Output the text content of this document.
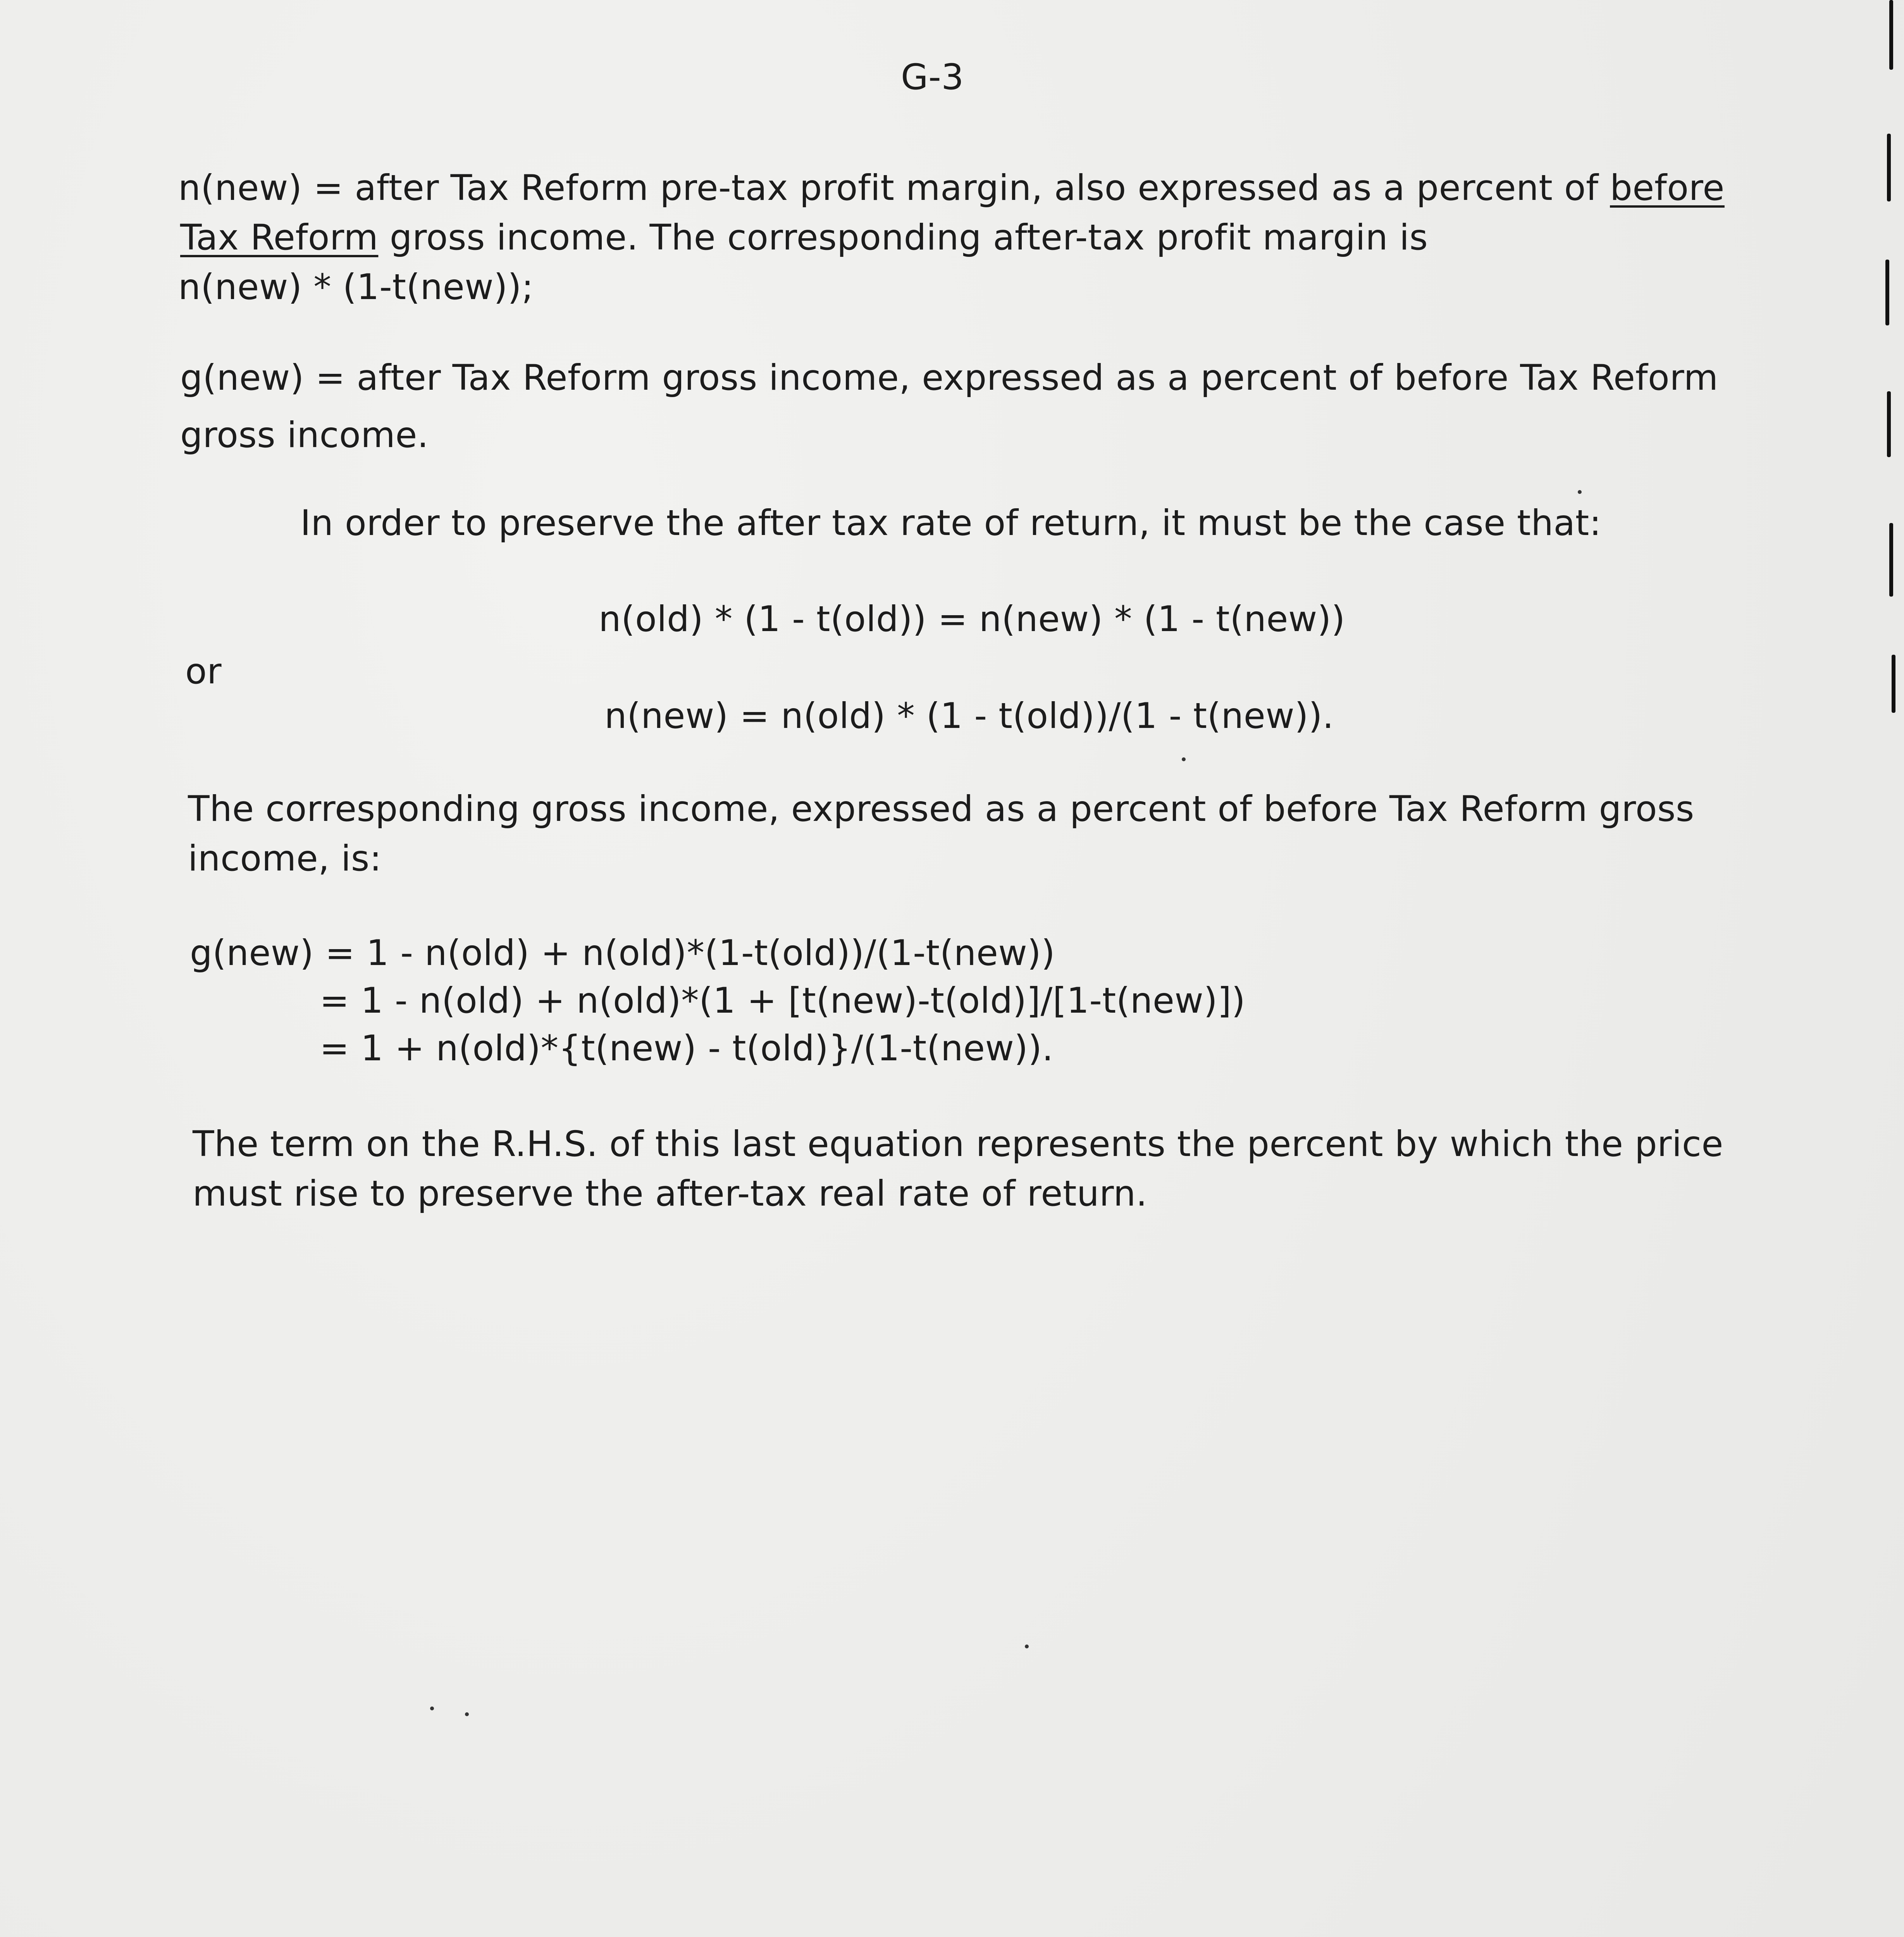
G-3
n(new) = after Tax Reform pre-tax profit margin, also expressed as a percent of before
Tax Reform gross income. The corresponding after-tax profit margin is
n(new) * (1-t(new));
g(new) = after Tax Reform gross income, expressed as a percent of before Tax Reform
gross income.
In order to preserve the after tax rate of return, it must be the case that:
n(old) * (1 - t(old)) = n(new) * (1 - t(new))
or
n(new) = n(old) * (1 - t(old))/(1 - t(new)).
The corresponding gross income, expressed as a percent of before Tax Reform gross
income, is:
g(new) = 1 - n(old) + n(old)*(1-t(old))/(1-t(new))
= 1 - n(old) + n(old)*(1 + [t(new)-t(old)]/[1-t(new)])
= 1 + n(old)*{t(new) - t(old)}/(1-t(new)).
The term on the R.H.S. of this last equation represents the percent by which the price
must rise to preserve the after-tax real rate of return.
